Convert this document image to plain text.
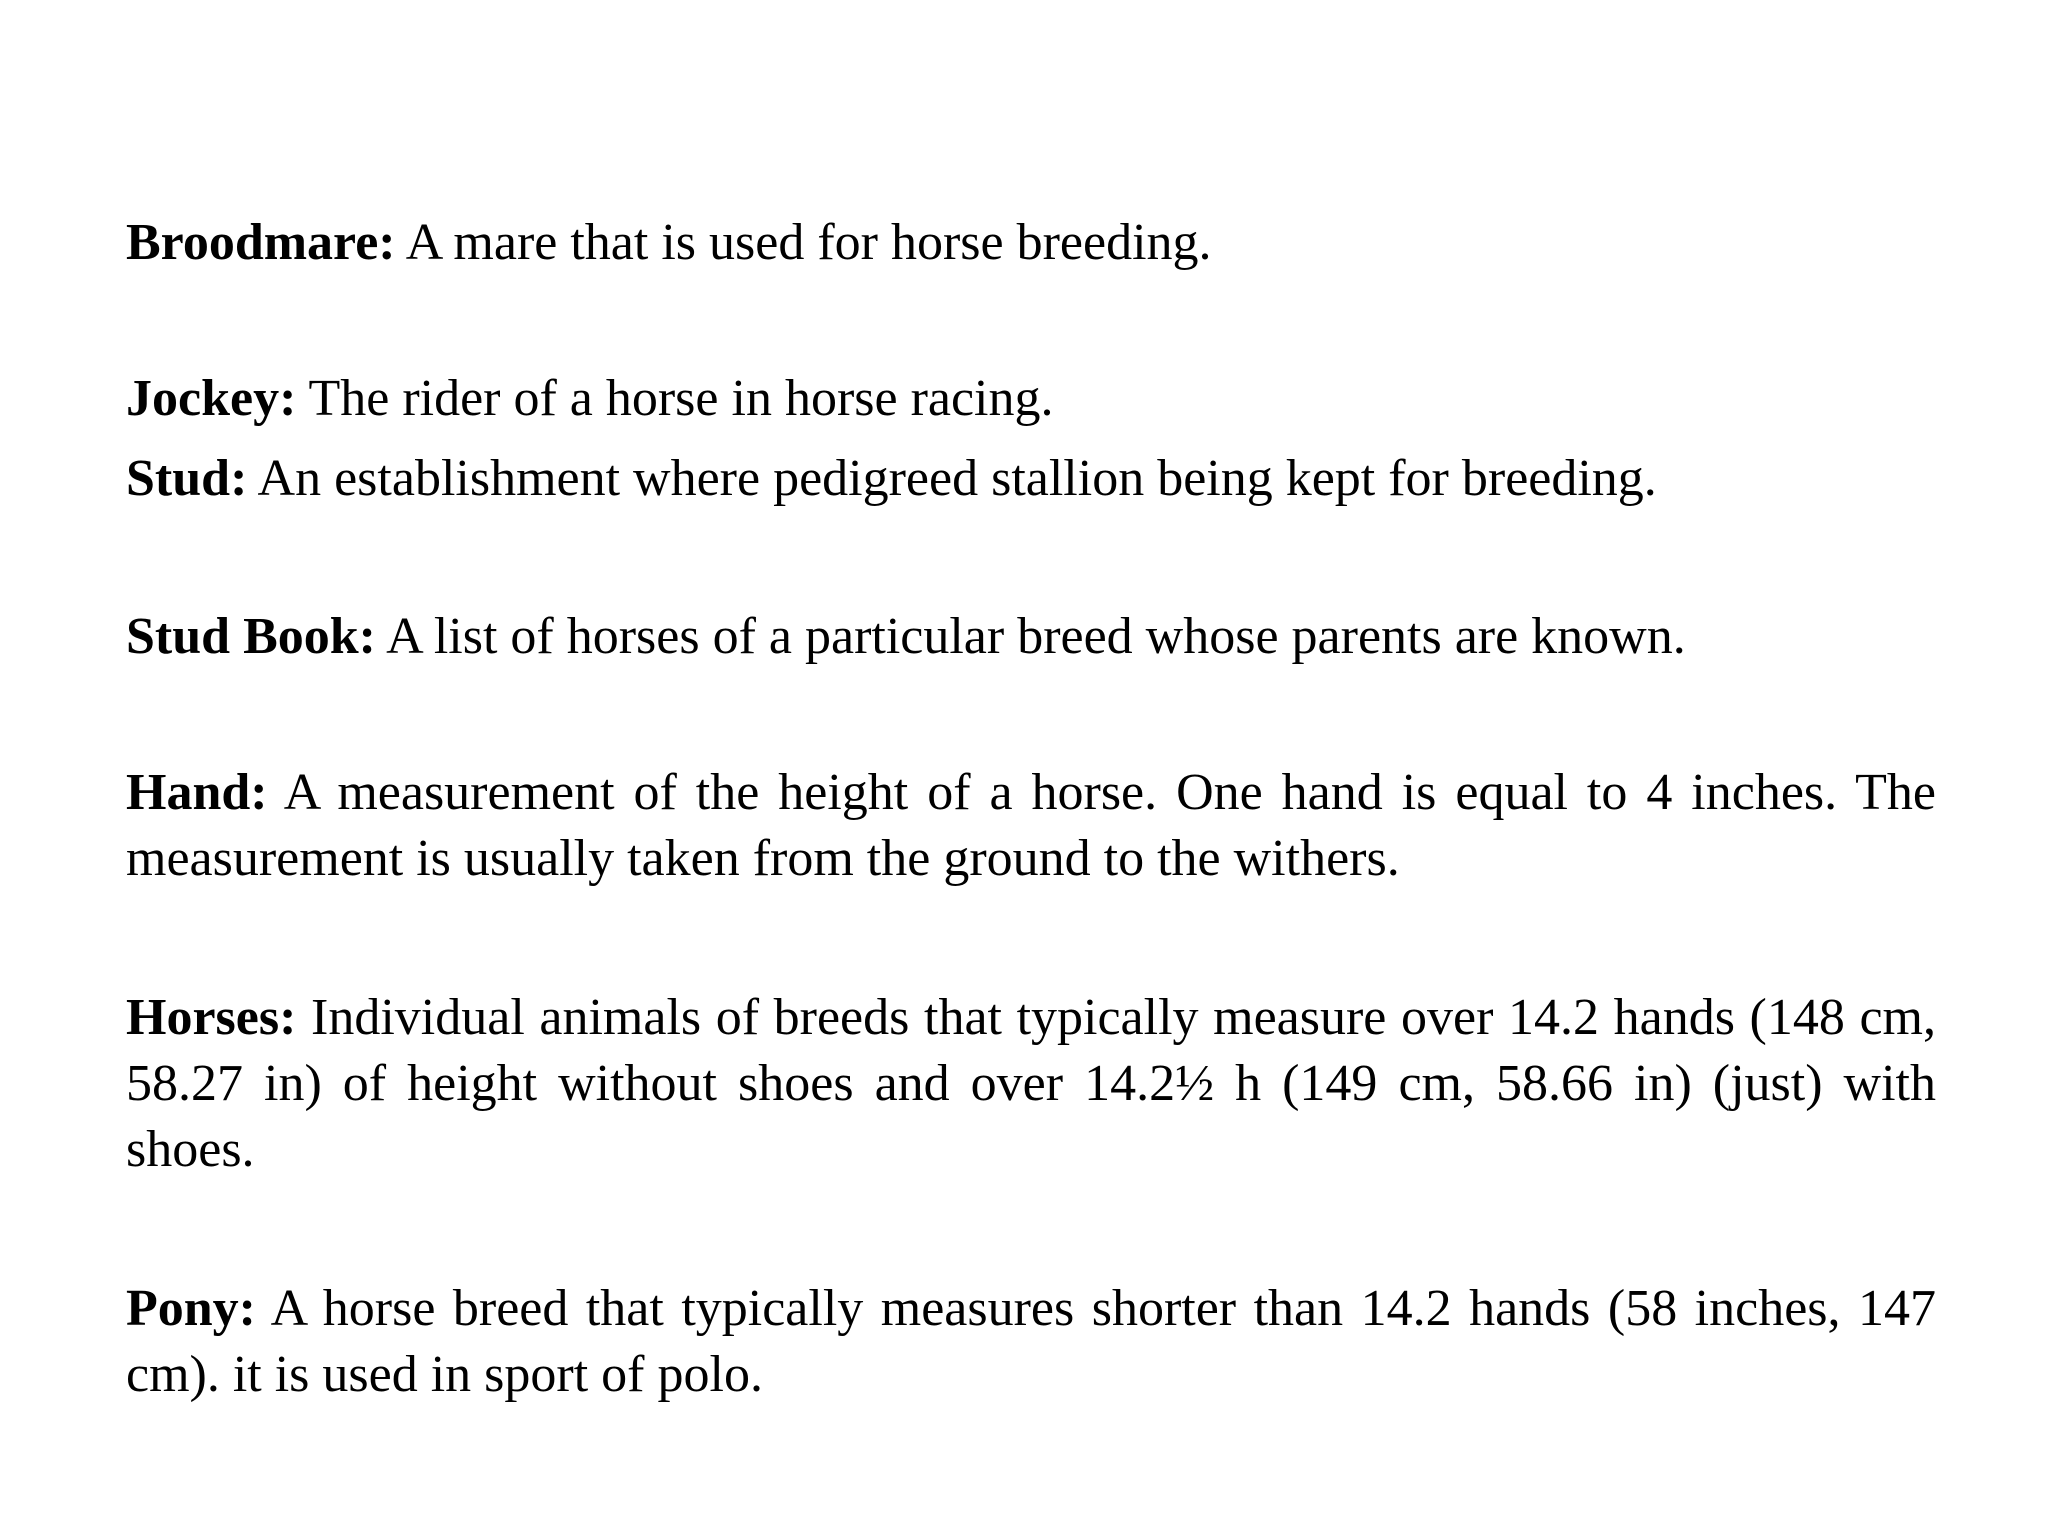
Broodmare: A mare that is used for horse breeding.

Jockey: The rider of a horse in horse racing.

Stud: An establishment where pedigreed stallion being kept for breeding.

Stud Book: A list of horses of a particular breed whose parents are known.

Hand: A measurement of the height of a horse. One hand is equal to 4 inches. The measurement is usually taken from the ground to the withers.

Horses: Individual animals of breeds that typically measure over 14.2 hands (148 cm, 58.27 in) of height without shoes and over 14.2½ h (149 cm, 58.66 in) (just) with shoes.

Pony: A horse breed that typically measures shorter than 14.2 hands (58 inches, 147 cm). it is used in sport of polo.
